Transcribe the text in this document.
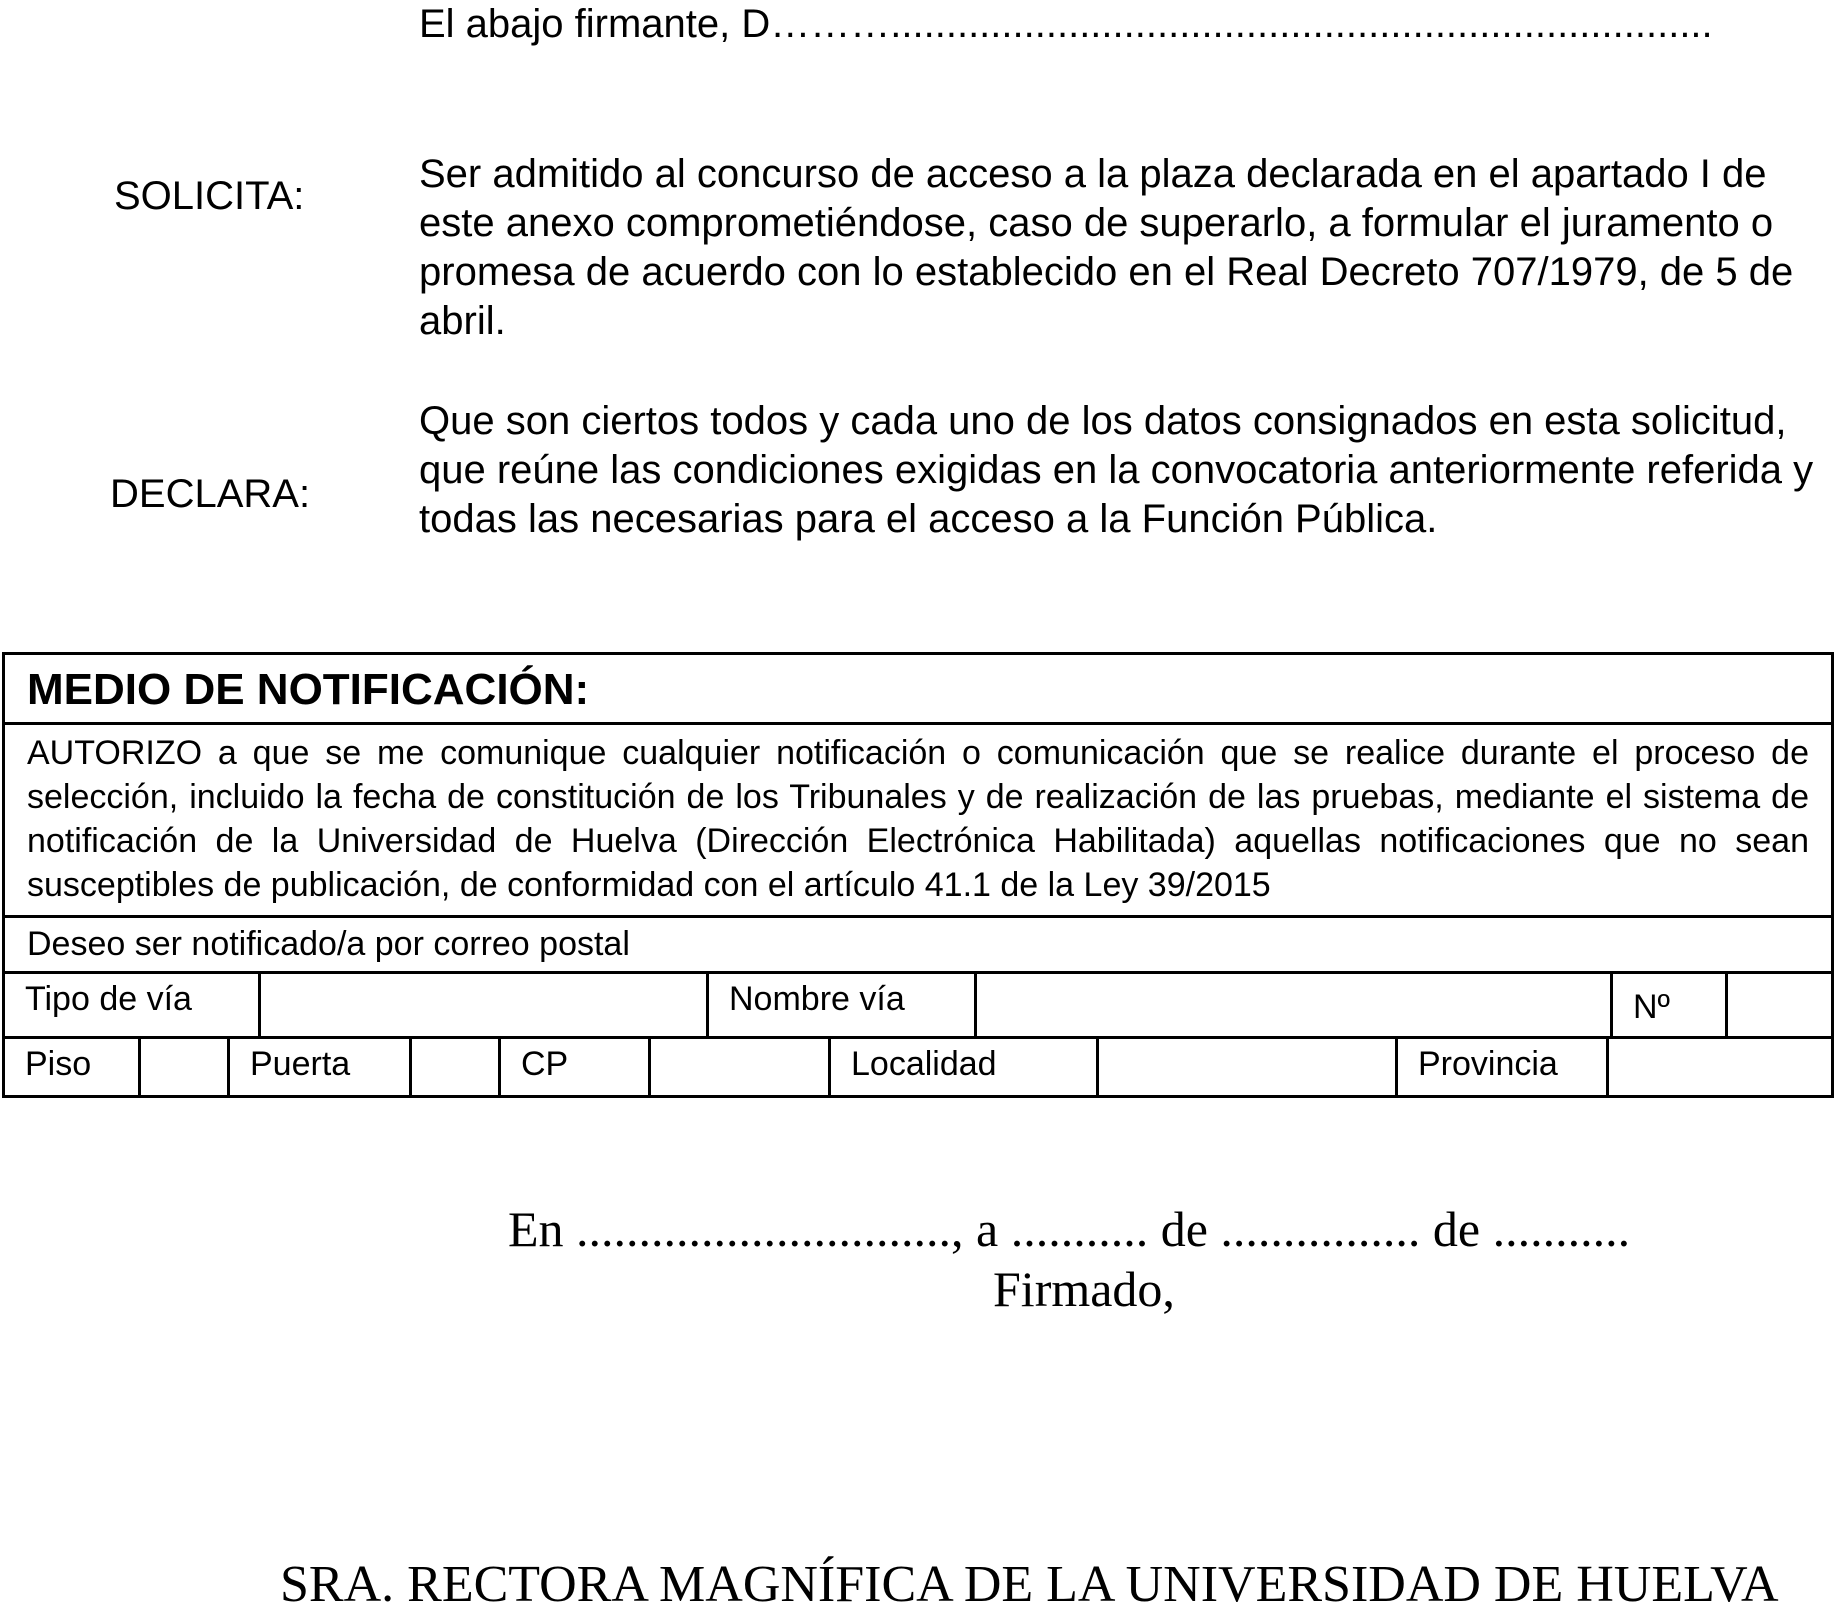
El abajo firmante, D………..........................................................................
SOLICITA:	Ser admitido al concurso de acceso a la plaza declarada en el apartado I de este anexo comprometiéndose, caso de superarlo, a formular el juramento o promesa de acuerdo con lo establecido en el Real Decreto 707/1979, de 5 de abril.
DECLARA:
Que son ciertos todos y cada uno de los datos consignados en esta solicitud, que reúne las condiciones exigidas en la convocatoria anteriormente referida y todas las necesarias para el acceso a la Función Pública.
MEDIO DE NOTIFICACIÓN:
AUTORIZO a que se me comunique cualquier notificación o comunicación que se realice durante el proceso de selección, incluido la fecha de constitución de los Tribunales y de realización de las pruebas, mediante el sistema de notificación de la Universidad de Huelva (Dirección Electrónica Habilitada) aquellas notificaciones que no sean susceptibles de publicación, de conformidad con el artículo 41.1 de la Ley 39/2015
Deseo ser notificado/a por correo postal
Tipo de vía	Nombre vía	Nº
Piso	Puerta	CP	Localidad	Provincia
En .............................., a ........... de ................ de ...........
Firmado,
SRA. RECTORA MAGNÍFICA DE LA UNIVERSIDAD DE HUELVA
